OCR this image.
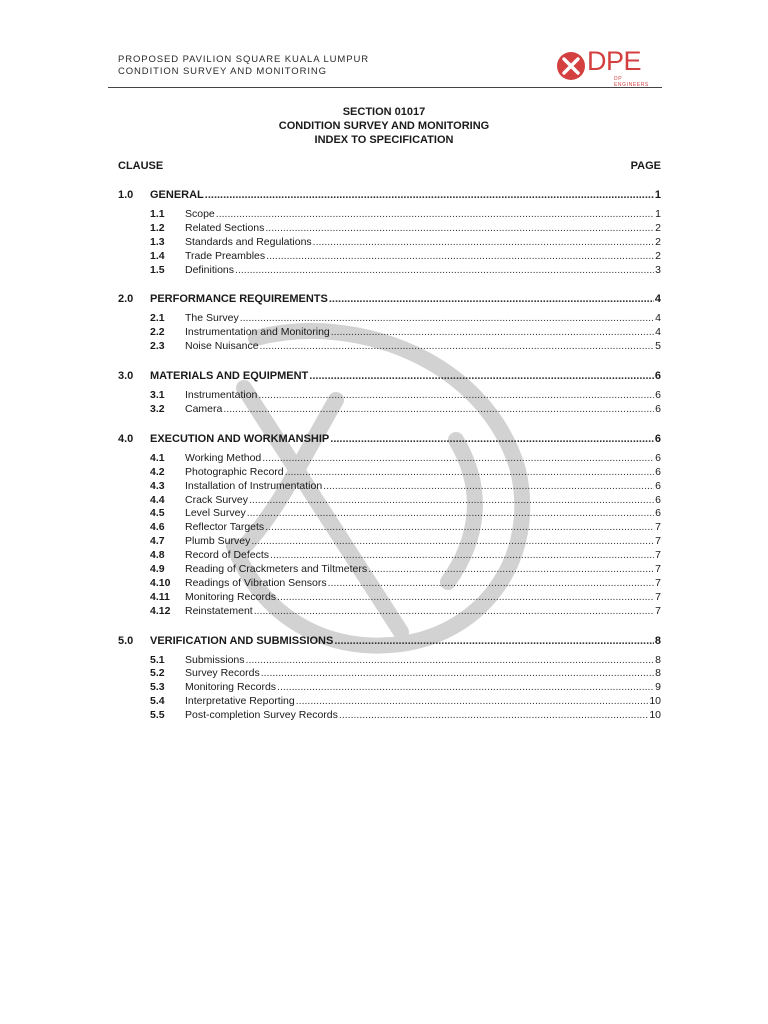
PROPOSED PAVILION SQUARE KUALA LUMPUR
CONDITION SURVEY AND MONITORING	DPE
DP ENGINEERS
SECTION 01017
CONDITION SURVEY AND MONITORING
INDEX TO SPECIFICATION
CLAUSE	PAGE
1.0	GENERAL .....	1
1.1	Scope .....	1
1.2	Related Sections .....	2
1.3	Standards and Regulations .....	2
1.4	Trade Preambles .....	2
1.5	Definitions .....	3
2.0	PERFORMANCE REQUIREMENTS .....	4
2.1	The Survey .....	4
2.2	Instrumentation and Monitoring .....	4
2.3	Noise Nuisance .....	5
3.0	MATERIALS AND EQUIPMENT .....	6
3.1	Instrumentation .....	6
3.2	Camera .....	6
4.0	EXECUTION AND WORKMANSHIP .....	6
4.1	Working Method .....	6
4.2	Photographic Record .....	6
4.3	Installation of Instrumentation .....	6
4.4	Crack Survey .....	6
4.5	Level Survey .....	6
4.6	Reflector Targets .....	7
4.7	Plumb Survey .....	7
4.8	Record of Defects .....	7
4.9	Reading of Crackmeters and Tiltmeters .....	7
4.10	Readings of Vibration Sensors .....	7
4.11	Monitoring Records .....	7
4.12	Reinstatement .....	7
5.0	VERIFICATION AND SUBMISSIONS .....	8
5.1	Submissions .....	8
5.2	Survey Records .....	8
5.3	Monitoring Records .....	9
5.4	Interpretative Reporting .....	10
5.5	Post-completion Survey Records .....	10
